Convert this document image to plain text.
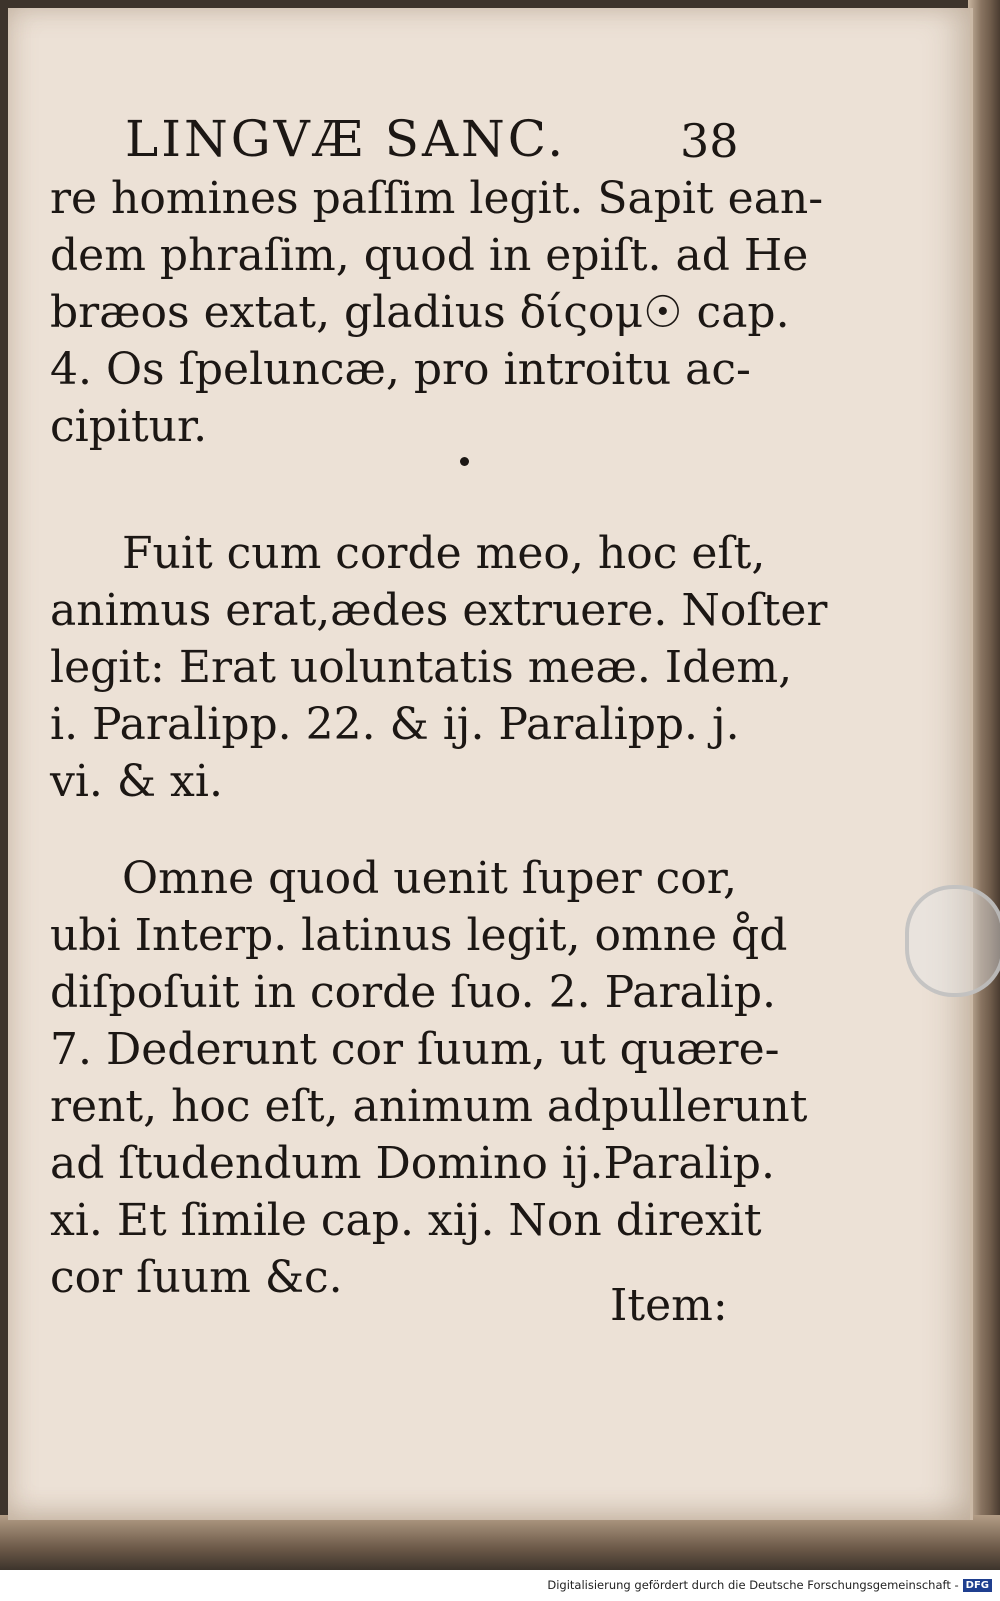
LINGVÆ SANC. 38

re homines paſſim legit. Sapit ean-
dem phraſim, quod in epiſt. ad He
bræos extat, gladius δίςομ☉ cap.
4. Os ſpeluncæ, pro introitu ac-
cipitur.

Fuit cum corde meo, hoc eſt,
animus erat,ædes extruere. Noſter
legit: Erat uoluntatis meæ. Idem,
i. Paralipp. 22. & ij. Paralipp. j.
vi. & xi.

Omne quod uenit ſuper cor,
ubi Interp. latinus legit, omne q̊d
diſpoſuit in corde ſuo. 2. Paralip.
7. Dederunt cor ſuum, ut quære-
rent, hoc eſt, animum adpullerunt
ad ſtudendum Domino ij.Paralip.
xi. Et ſimile cap. xij. Non direxit
cor ſuum &c.

Item:
Digitalisierung gefördert durch die Deutsche Forschungsgemeinschaft - DFG
